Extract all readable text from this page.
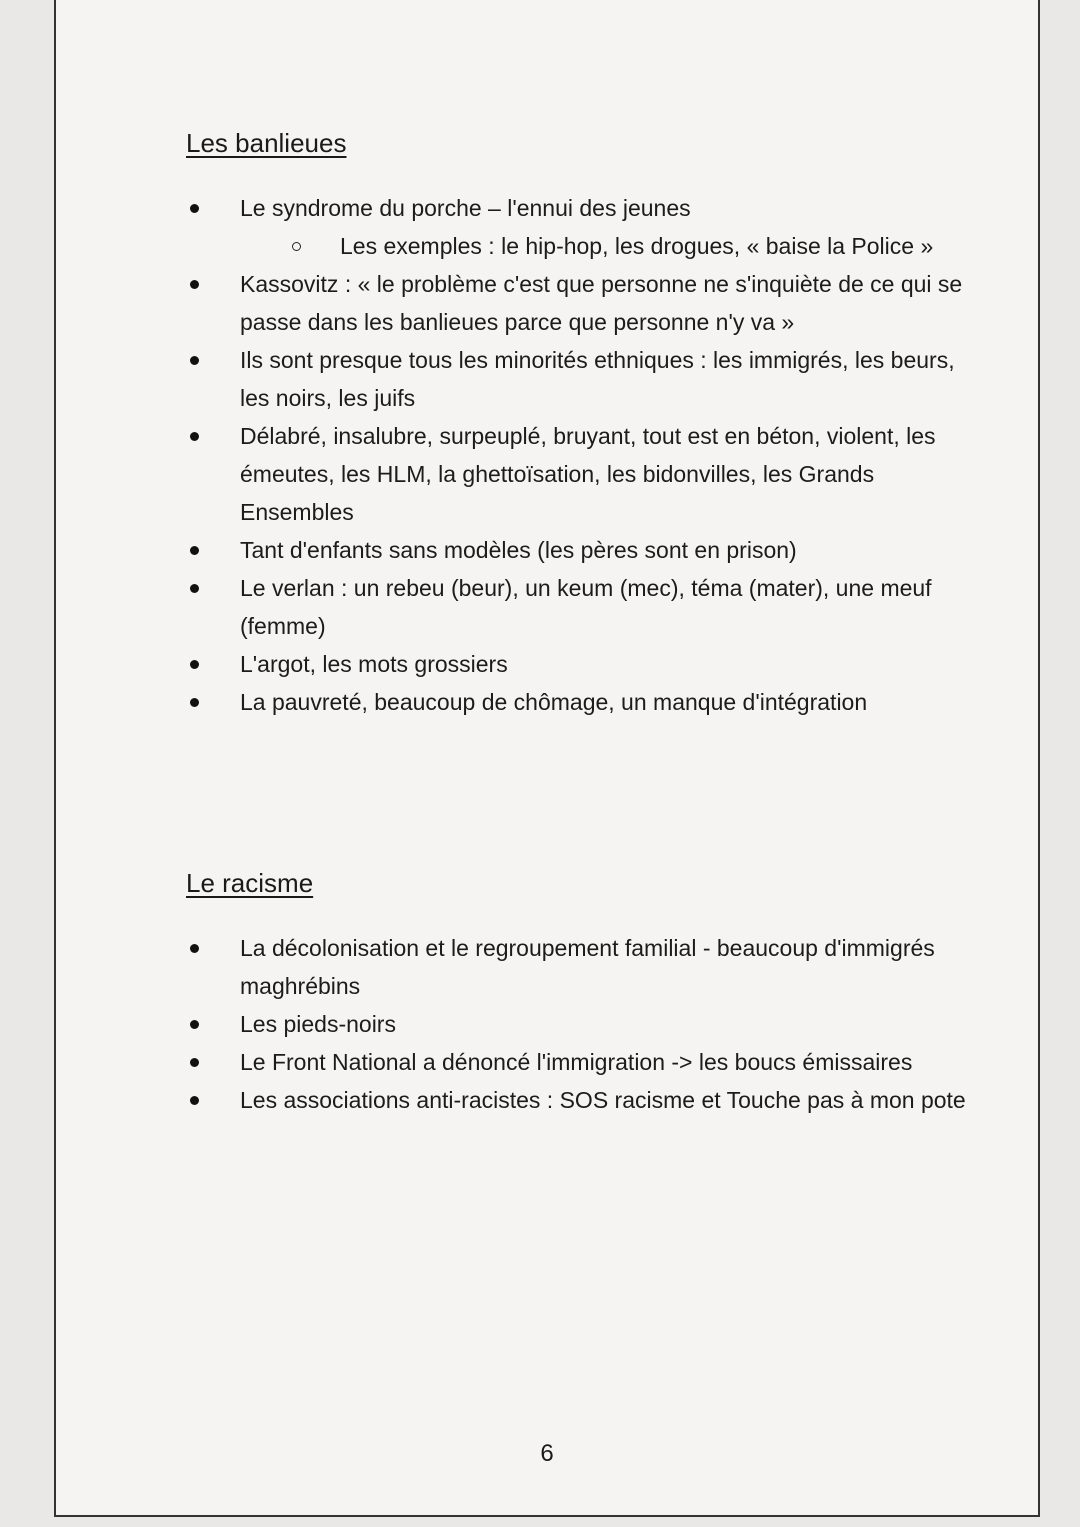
Les banlieues
Le syndrome du porche – l'ennui des jeunes
Les exemples : le hip-hop, les drogues, « baise la Police »
Kassovitz : « le problème c'est que personne ne s'inquiète de ce qui se passe dans les banlieues parce que personne n'y va »
Ils sont presque tous les minorités ethniques : les immigrés, les beurs, les noirs, les juifs
Délabré, insalubre, surpeuplé, bruyant, tout est en béton, violent, les émeutes, les HLM, la ghettoïsation, les bidonvilles, les Grands Ensembles
Tant d'enfants sans modèles (les pères sont en prison)
Le verlan : un rebeu (beur), un keum (mec), téma (mater), une meuf (femme)
L'argot, les mots grossiers
La pauvreté, beaucoup de chômage, un manque d'intégration
Le racisme
La décolonisation et le regroupement familial - beaucoup d'immigrés maghrébins
Les pieds-noirs
Le Front National a dénoncé l'immigration -> les boucs émissaires
Les associations anti-racistes : SOS racisme et Touche pas à mon pote
6
